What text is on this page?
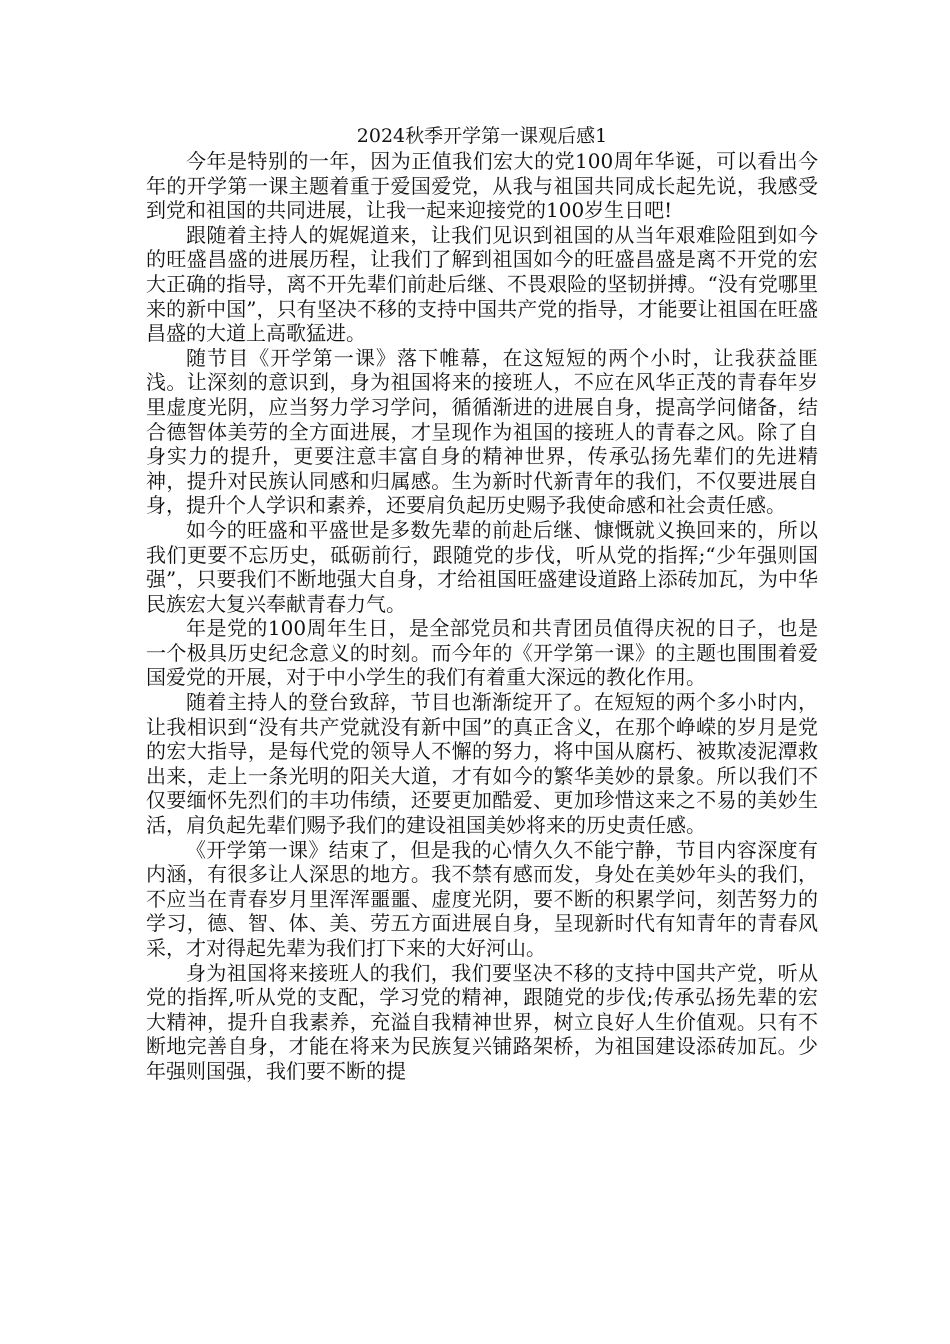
2024秋季开学第一课观后感1

今年是特别的一年，因为正值我们宏大的党100周年华诞，可以看出今年的开学第一课主题着重于爱国爱党，从我与祖国共同成长起先说，我感受到党和祖国的共同进展，让我一起来迎接党的100岁生日吧!

跟随着主持人的娓娓道来，让我们见识到祖国的从当年艰难险阻到如今的旺盛昌盛的进展历程，让我们了解到祖国如今的旺盛昌盛是离不开党的宏大正确的指导，离不开先辈们前赴后继、不畏艰险的坚韧拼搏。“没有党哪里来的新中国”，只有坚决不移的支持中国共产党的指导，才能要让祖国在旺盛昌盛的大道上高歌猛进。

随节目《开学第一课》落下帷幕，在这短短的两个小时，让我获益匪浅。让深刻的意识到，身为祖国将来的接班人，不应在风华正茂的青春年岁里虚度光阴，应当努力学习学问，循循渐进的进展自身，提高学问储备，结合德智体美劳的全方面进展，才呈现作为祖国的接班人的青春之风。除了自身实力的提升，更要注意丰富自身的精神世界，传承弘扬先辈们的先进精神，提升对民族认同感和归属感。生为新时代新青年的我们，不仅要进展自身，提升个人学识和素养，还要肩负起历史赐予我使命感和社会责任感。

如今的旺盛和平盛世是多数先辈的前赴后继、慷慨就义换回来的，所以我们更要不忘历史，砥砺前行，跟随党的步伐，听从党的指挥;“少年强则国强”，只要我们不断地强大自身，才给祖国旺盛建设道路上添砖加瓦，为中华民族宏大复兴奉献青春力气。

年是党的100周年生日，是全部党员和共青团员值得庆祝的日子，也是一个极具历史纪念意义的时刻。而今年的《开学第一课》的主题也围围着爱国爱党的开展，对于中小学生的我们有着重大深远的教化作用。

随着主持人的登台致辞，节目也渐渐绽开了。在短短的两个多小时内，让我相识到“没有共产党就没有新中国”的真正含义，在那个峥嵘的岁月是党的宏大指导，是每代党的领导人不懈的努力，将中国从腐朽、被欺凌泥潭救出来，走上一条光明的阳关大道，才有如今的繁华美妙的景象。所以我们不仅要缅怀先烈们的丰功伟绩，还要更加酷爱、更加珍惜这来之不易的美妙生活，肩负起先辈们赐予我们的建设祖国美妙将来的历史责任感。

《开学第一课》结束了，但是我的心情久久不能宁静，节目内容深度有内涵，有很多让人深思的地方。我不禁有感而发，身处在美妙年头的我们，不应当在青春岁月里浑浑噩噩、虚度光阴，要不断的积累学问，刻苦努力的学习，德、智、体、美、劳五方面进展自身，呈现新时代有知青年的青春风采，才对得起先辈为我们打下来的大好河山。

身为祖国将来接班人的我们，我们要坚决不移的支持中国共产党，听从党的指挥,听从党的支配，学习党的精神，跟随党的步伐;传承弘扬先辈的宏大精神，提升自我素养，充溢自我精神世界，树立良好人生价值观。只有不断地完善自身，才能在将来为民族复兴铺路架桥，为祖国建设添砖加瓦。少年强则国强，我们要不断的提
